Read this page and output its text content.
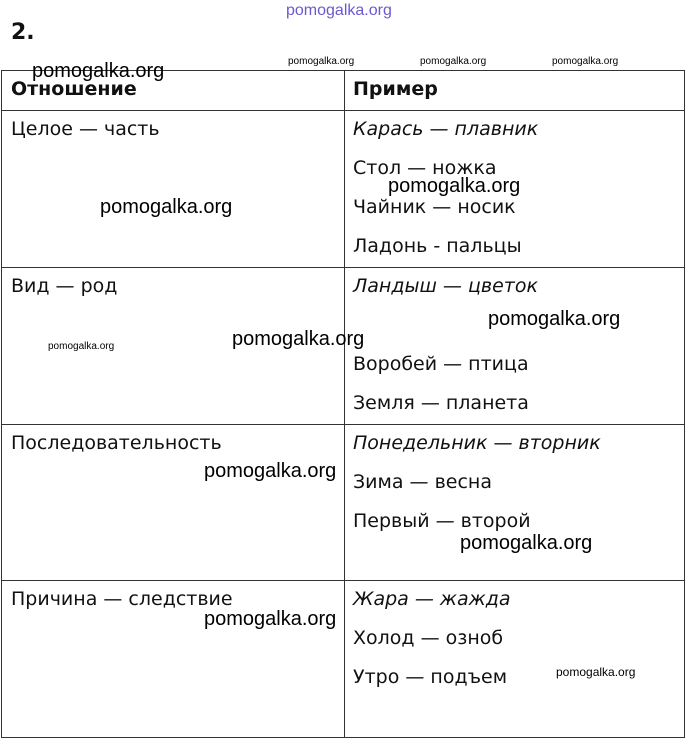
2.
Отношение	Пример
Целое — часть	Карась — плавник
Стол — ножка
Чайник — носик
Ладонь - пальцы
Вид — род	Ландыш — цветок
Воробей — птица
Земля — планета
Последовательность	Понедельник — вторник
Зима — весна
Первый — второй
Причина — следствие	Жара — жажда
Холод — озноб
Утро — подъем
pomogalka.org
pomogalka.org	pomogalka.org	pomogalka.org
pomogalka.org
pomogalka.org
pomogalka.org
pomogalka.org
pomogalka.org	pomogalka.org
pomogalka.org
pomogalka.org
pomogalka.org
pomogalka.org
